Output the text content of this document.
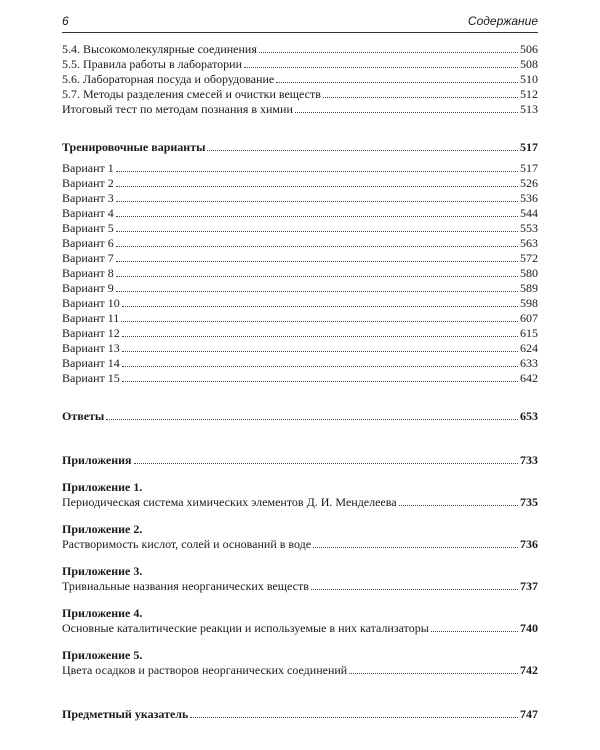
6	Содержание
5.4. Высокомолекулярные соединения	506
5.5. Правила работы в лаборатории	508
5.6. Лабораторная посуда и оборудование	510
5.7. Методы разделения смесей и очистки веществ	512
Итоговый тест по методам познания в химии	513
Тренировочные варианты	517
Вариант 1	517
Вариант 2	526
Вариант 3	536
Вариант 4	544
Вариант 5	553
Вариант 6	563
Вариант 7	572
Вариант 8	580
Вариант 9	589
Вариант 10	598
Вариант 11	607
Вариант 12	615
Вариант 13	624
Вариант 14	633
Вариант 15	642
Ответы	653
Приложения	733
Приложение 1.
Периодическая система химических элементов Д. И. Менделеева	735
Приложение 2.
Растворимость кислот, солей и оснований в воде	736
Приложение 3.
Тривиальные названия неорганических веществ	737
Приложение 4.
Основные каталитические реакции и используемые в них катализаторы	740
Приложение 5.
Цвета осадков и растворов неорганических соединений	742
Предметный указатель	747
